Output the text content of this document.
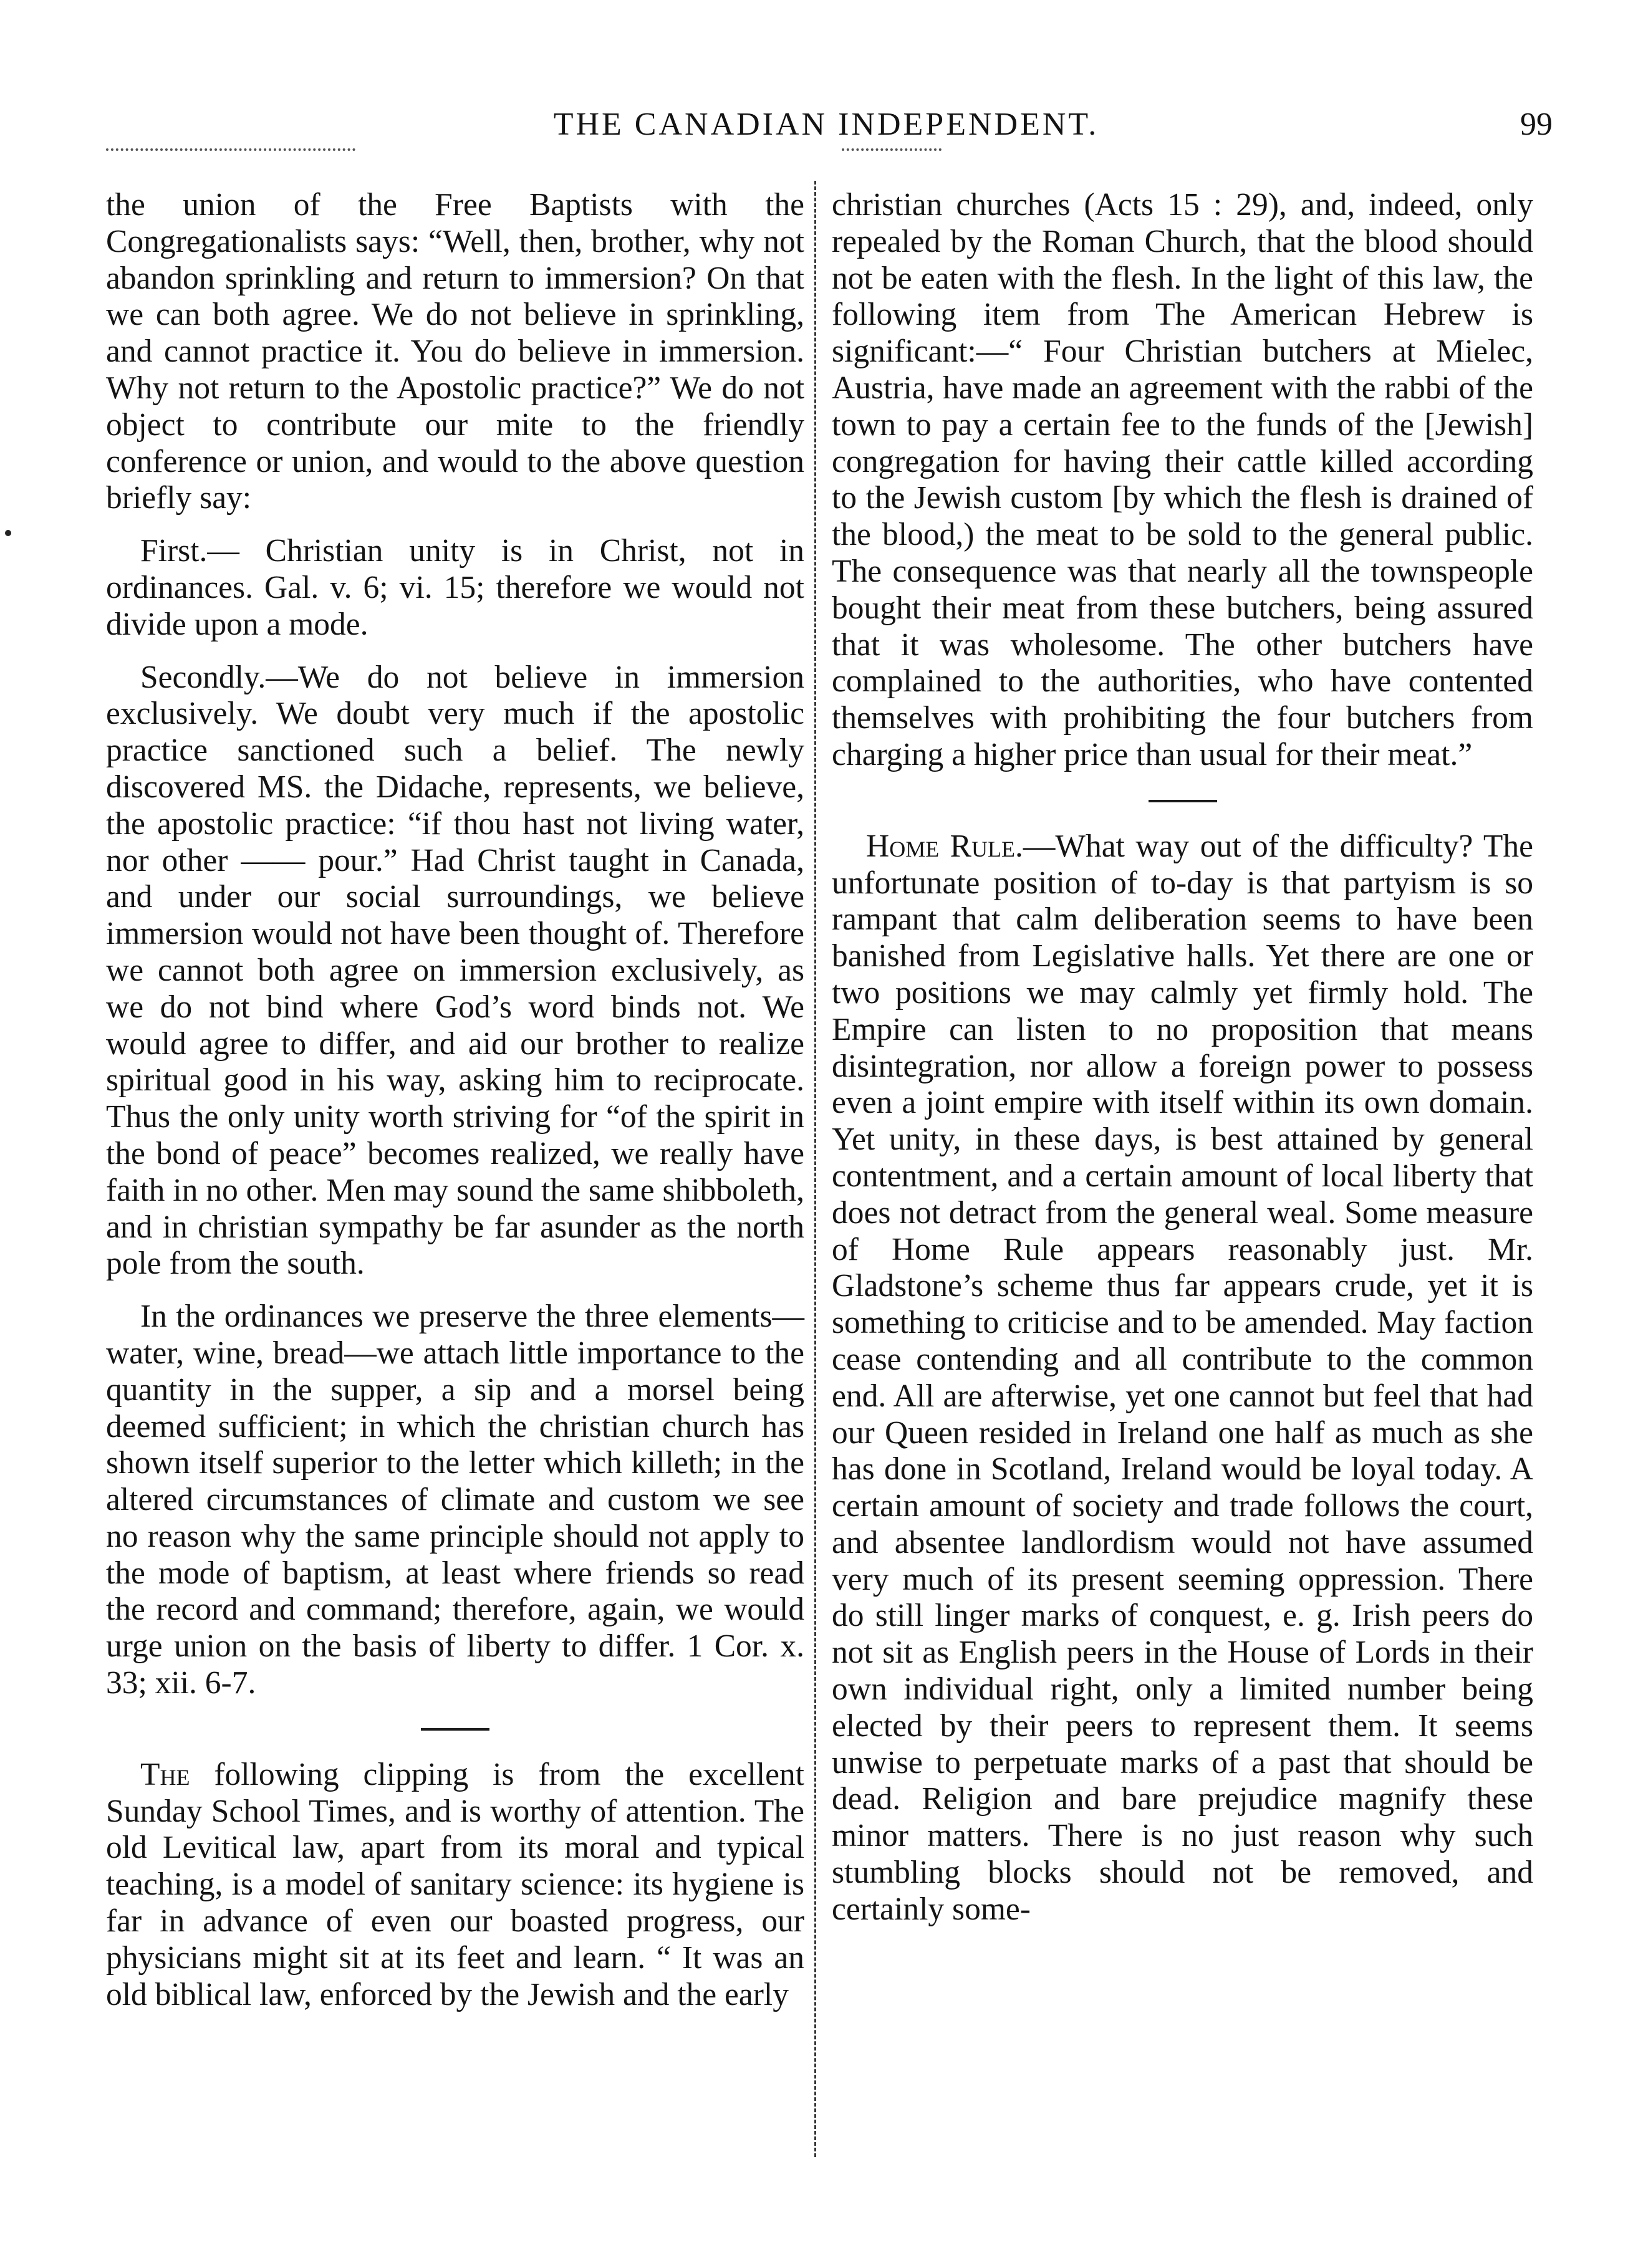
THE CANADIAN INDEPENDENT.	99

the union of the Free Baptists with the Congregationalists says: “Well, then, brother, why not abandon sprinkling and return to immersion? On that we can both agree. We do not believe in sprinkling, and cannot practice it. You do believe in immersion. Why not return to the Apostolic practice?” We do not object to contribute our mite to the friendly conference or union, and would to the above question briefly say:

First.— Christian unity is in Christ, not in ordinances. Gal. v. 6; vi. 15; therefore we would not divide upon a mode.

Secondly.—We do not believe in immersion exclusively. We doubt very much if the apostolic practice sanctioned such a belief. The newly discovered MS. the Didache, represents, we believe, the apostolic practice: “if thou hast not living water, nor other —— pour.” Had Christ taught in Canada, and under our social surroundings, we believe immersion would not have been thought of. Therefore we cannot both agree on immersion exclusively, as we do not bind where God’s word binds not. We would agree to differ, and aid our brother to realize spiritual good in his way, asking him to reciprocate. Thus the only unity worth striving for “of the spirit in the bond of peace” becomes realized, we really have faith in no other. Men may sound the same shibboleth, and in christian sympathy be far asunder as the north pole from the south.

In the ordinances we preserve the three elements—water, wine, bread—we attach little importance to the quantity in the supper, a sip and a morsel being deemed sufficient; in which the christian church has shown itself superior to the letter which killeth; in the altered circumstances of climate and custom we see no reason why the same principle should not apply to the mode of baptism, at least where friends so read the record and command; therefore, again, we would urge union on the basis of liberty to differ. 1 Cor. x. 33; xii. 6-7.

The following clipping is from the excellent Sunday School Times, and is worthy of attention. The old Levitical law, apart from its moral and typical teaching, is a model of sanitary science: its hygiene is far in advance of even our boasted progress, our physicians might sit at its feet and learn. “ It was an old biblical law, enforced by the Jewish and the early

christian churches (Acts 15 : 29), and, indeed, only repealed by the Roman Church, that the blood should not be eaten with the flesh. In the light of this law, the following item from The American Hebrew is significant:—“ Four Christian butchers at Mielec, Austria, have made an agreement with the rabbi of the town to pay a certain fee to the funds of the [Jewish] congregation for having their cattle killed according to the Jewish custom [by which the flesh is drained of the blood,) the meat to be sold to the general public. The consequence was that nearly all the townspeople bought their meat from these butchers, being assured that it was wholesome. The other butchers have complained to the authorities, who have contented themselves with prohibiting the four butchers from charging a higher price than usual for their meat.”

Home Rule.—What way out of the difficulty? The unfortunate position of to-day is that partyism is so rampant that calm deliberation seems to have been banished from Legislative halls. Yet there are one or two positions we may calmly yet firmly hold. The Empire can listen to no proposition that means disintegration, nor allow a foreign power to possess even a joint empire with itself within its own domain. Yet unity, in these days, is best attained by general contentment, and a certain amount of local liberty that does not detract from the general weal. Some measure of Home Rule appears reasonably just. Mr. Gladstone’s scheme thus far appears crude, yet it is something to criticise and to be amended. May faction cease contending and all contribute to the common end. All are afterwise, yet one cannot but feel that had our Queen resided in Ireland one half as much as she has done in Scotland, Ireland would be loyal today. A certain amount of society and trade follows the court, and absentee landlordism would not have assumed very much of its present seeming oppression. There do still linger marks of conquest, e. g. Irish peers do not sit as English peers in the House of Lords in their own individual right, only a limited number being elected by their peers to represent them. It seems unwise to perpetuate marks of a past that should be dead. Religion and bare prejudice magnify these minor matters. There is no just reason why such stumbling blocks should not be removed, and certainly some-
